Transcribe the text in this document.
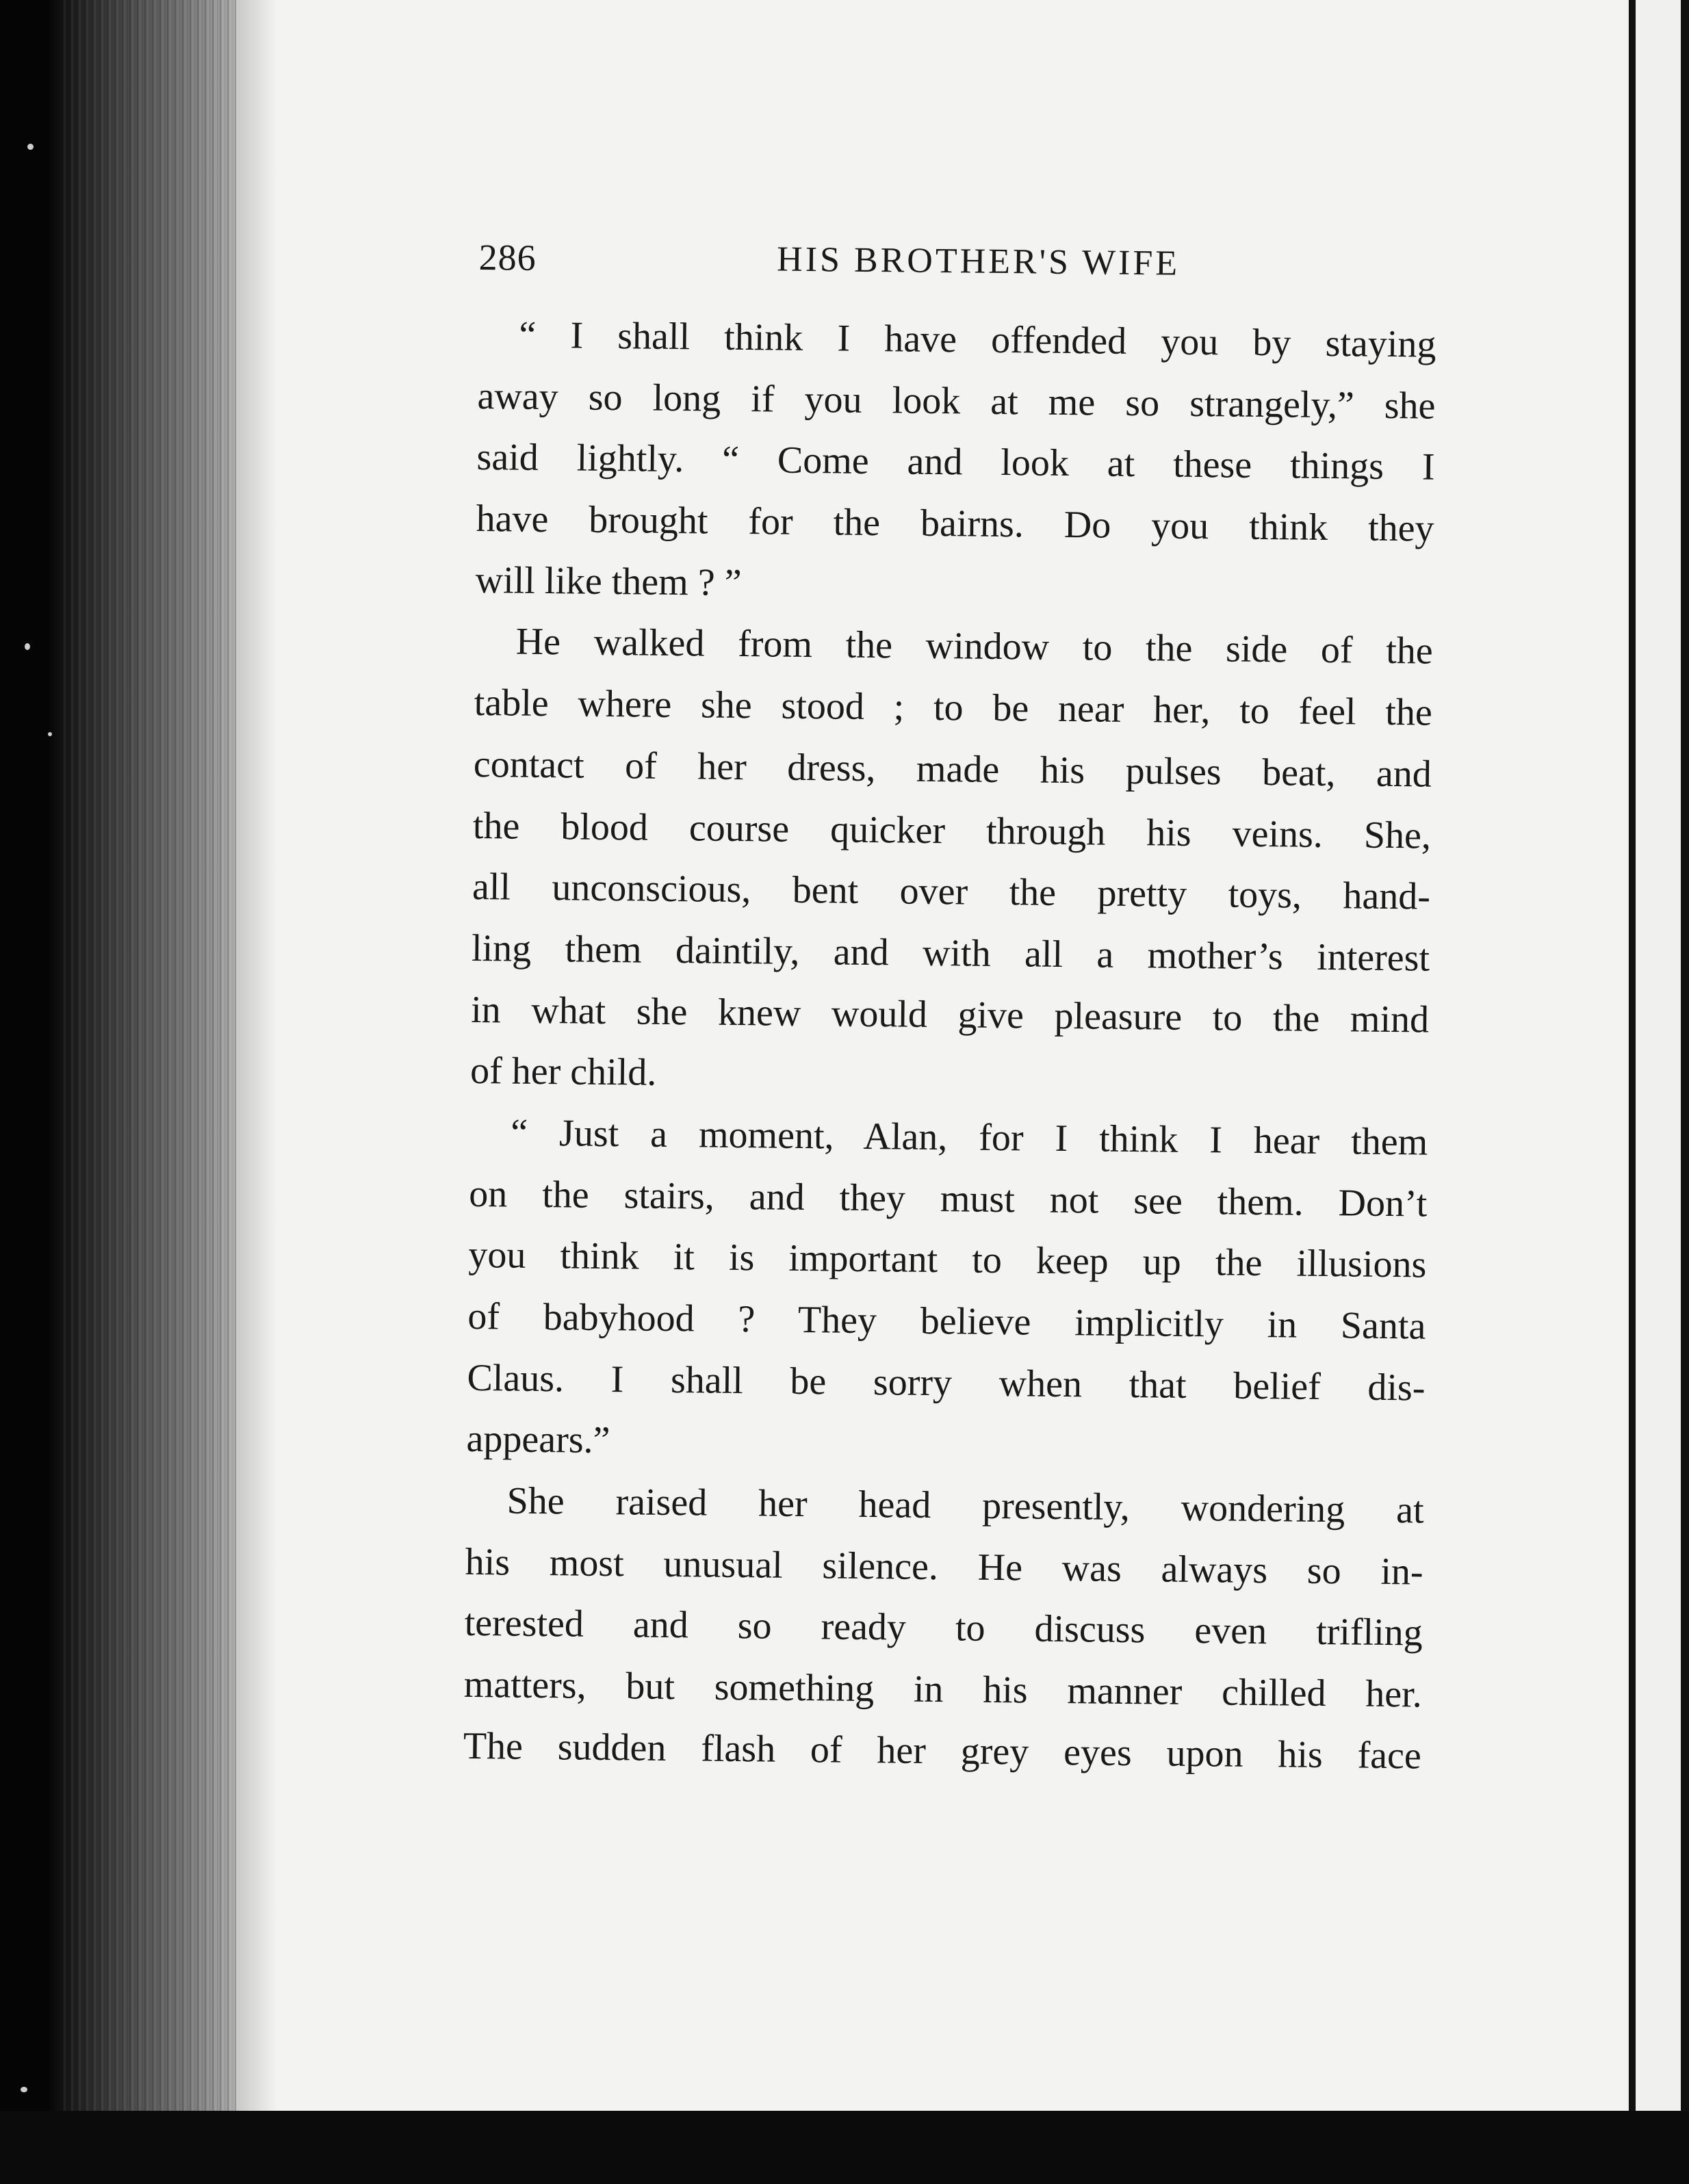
286	HIS BROTHER'S WIFE
“ I shall think I have offended you by staying
away so long if you look at me so strangely,” she
said lightly. “ Come and look at these things I
have brought for the bairns. Do you think they
will like them ? ”
He walked from the window to the side of the
table where she stood ; to be near her, to feel the
contact of her dress, made his pulses beat, and
the blood course quicker through his veins. She,
all unconscious, bent over the pretty toys, hand-
ling them daintily, and with all a mother’s interest
in what she knew would give pleasure to the mind
of her child.
“ Just a moment, Alan, for I think I hear them
on the stairs, and they must not see them. Don’t
you think it is important to keep up the illusions
of babyhood ? They believe implicitly in Santa
Claus. I shall be sorry when that belief dis-
appears.”
She raised her head presently, wondering at
his most unusual silence. He was always so in-
terested and so ready to discuss even trifling
matters, but something in his manner chilled her.
The sudden flash of her grey eyes upon his face
